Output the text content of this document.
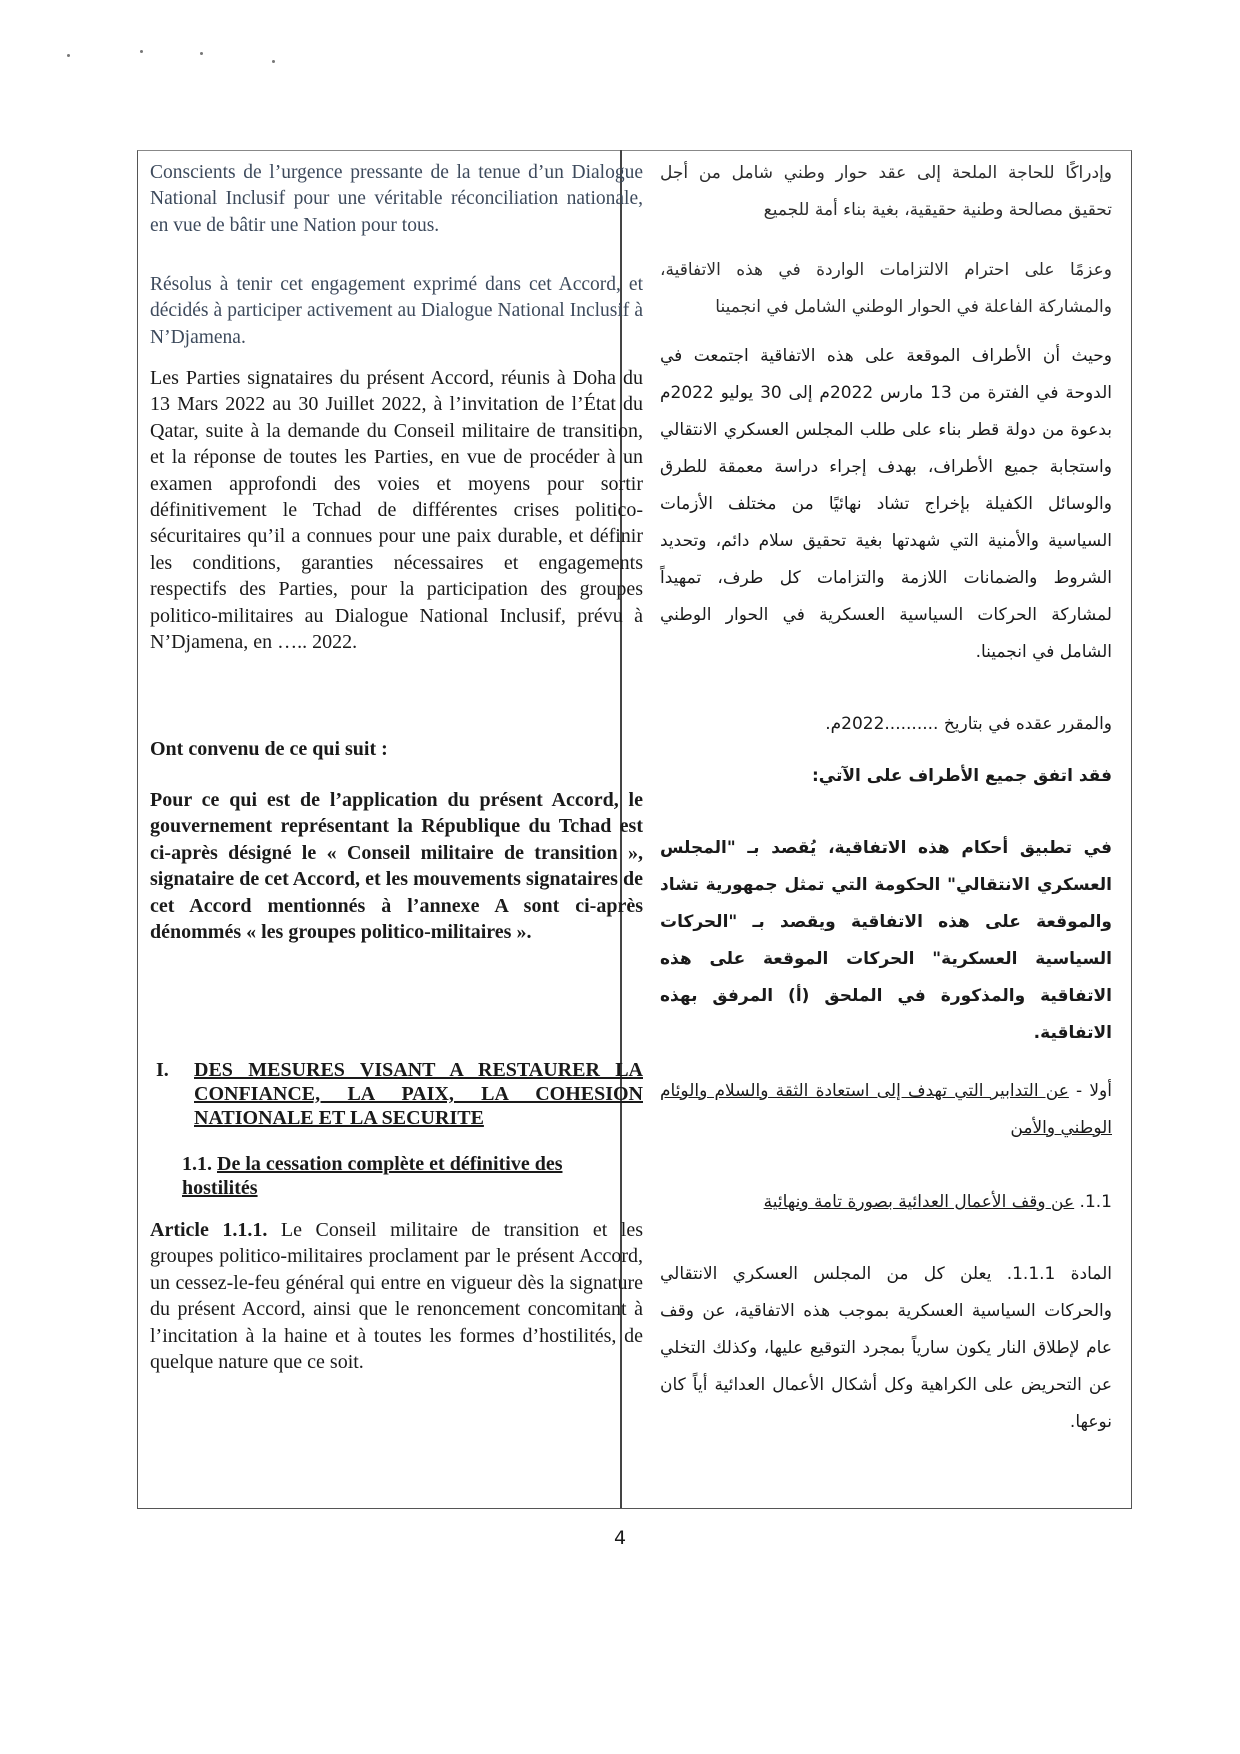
Conscients de l’urgence pressante de la tenue d’un Dialogue National Inclusif pour une véritable réconciliation nationale, en vue de bâtir une Nation pour tous.

Résolus à tenir cet engagement exprimé dans cet Accord, et décidés à participer activement au Dialogue National Inclusif à N’Djamena.

Les Parties signataires du présent Accord, réunis à Doha du 13 Mars 2022 au 30 Juillet 2022, à l’invitation de l’État du Qatar, suite à la demande du Conseil militaire de transition, et la réponse de toutes les Parties, en vue de procéder à un examen approfondi des voies et moyens pour sortir définitivement le Tchad de différentes crises politico-sécuritaires qu’il a connues pour une paix durable, et définir les conditions, garanties nécessaires et engagements respectifs des Parties, pour la participation des groupes politico-militaires au Dialogue National Inclusif, prévu à N’Djamena, en ….. 2022.

Ont convenu de ce qui suit :

Pour ce qui est de l’application du présent Accord, le gouvernement représentant la République du Tchad est ci-après désigné le « Conseil militaire de transition », signataire de cet Accord, et les mouvements signataires de cet Accord mentionnés à l’annexe A sont ci-après dénommés « les groupes politico-militaires ».

I. DES MESURES VISANT A RESTAURER LA CONFIANCE, LA PAIX, LA COHESION NATIONALE ET LA SECURITE
1.1. De la cessation complète et définitive des hostilités

Article 1.1.1. Le Conseil militaire de transition et les groupes politico-militaires proclament par le présent Accord, un cessez-le-feu général qui entre en vigueur dès la signature du présent Accord, ainsi que le renoncement concomitant à l’incitation à la haine et à toutes les formes d’hostilités, de quelque nature que ce soit.

وإدراكًا للحاجة الملحة إلى عقد حوار وطني شامل من أجل تحقيق مصالحة وطنية حقيقية، بغية بناء أمة للجميع

وعزمًا على احترام الالتزامات الواردة في هذه الاتفاقية، والمشاركة الفاعلة في الحوار الوطني الشامل في انجمينا

وحيث أن الأطراف الموقعة على هذه الاتفاقية اجتمعت في الدوحة في الفترة من 13 مارس 2022م إلى 30 يوليو 2022م بدعوة من دولة قطر بناء على طلب المجلس العسكري الانتقالي واستجابة جميع الأطراف، بهدف إجراء دراسة معمقة للطرق والوسائل الكفيلة بإخراج تشاد نهائيًا من مختلف الأزمات السياسية والأمنية التي شهدتها بغية تحقيق سلام دائم، وتحديد الشروط والضمانات اللازمة والتزامات كل طرف، تمهيداً لمشاركة الحركات السياسية العسكرية في الحوار الوطني الشامل في انجمينا.

والمقرر عقده في بتاريخ ..........2022م.

فقد اتفق جميع الأطراف على الآتي:

في تطبيق أحكام هذه الاتفاقية، يُقصد بـ "المجلس العسكري الانتقالي" الحكومة التي تمثل جمهورية تشاد والموقعة على هذه الاتفاقية ويقصد بـ "الحركات السياسية العسكرية" الحركات الموقعة على هذه الاتفاقية والمذكورة في الملحق (أ) المرفق بهذه الاتفاقية.

أولا - عن التدابير التي تهدف إلى استعادة الثقة والسلام والوئام الوطني والأمن

1.1. عن وقف الأعمال العدائية بصورة تامة ونهائية

المادة 1.1.1. يعلن كل من المجلس العسكري الانتقالي والحركات السياسية العسكرية بموجب هذه الاتفاقية، عن وقف عام لإطلاق النار يكون سارياً بمجرد التوقيع عليها، وكذلك التخلي عن التحريض على الكراهية وكل أشكال الأعمال العدائية أياً كان نوعها.

4
